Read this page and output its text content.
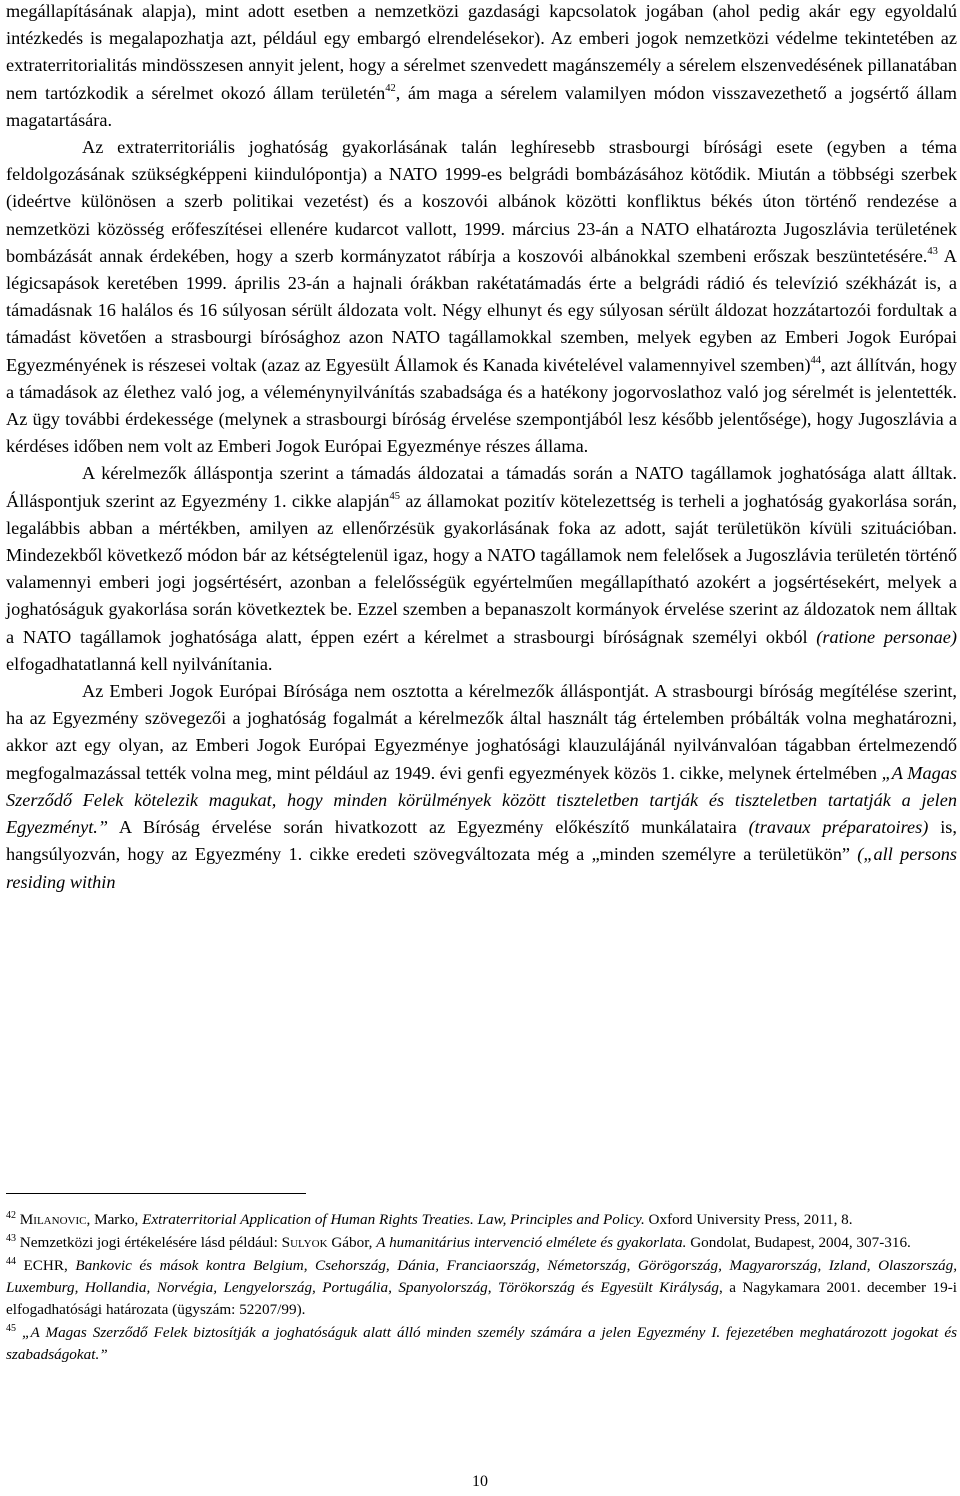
megállapításának alapja), mint adott esetben a nemzetközi gazdasági kapcsolatok jogában (ahol pedig akár egy egyoldalú intézkedés is megalapozhatja azt, például egy embargó elrendelésekor). Az emberi jogok nemzetközi védelme tekintetében az extraterritorialitás mindösszesen annyit jelent, hogy a sérelmet szenvedett magánszemély a sérelem elszenvedésének pillanatában nem tartózkodik a sérelmet okozó állam területén$^{42}$, ám maga a sérelem valamilyen módon visszavezethető a jogsértő állam magatartására.

Az extraterritoriális joghatóság gyakorlásának talán leghíresebb strasbourgi bírósági esete (egyben a téma feldolgozásának szükségképpeni kiindulópontja) a NATO 1999-es belgrádi bombázásához kötődik. Miután a többségi szerbek (ideértve különösen a szerb politikai vezetést) és a koszovói albánok közötti konfliktus békés úton történő rendezése a nemzetközi közösség erőfeszítései ellenére kudarcot vallott, 1999. március 23-án a NATO elhatározta Jugoszlávia területének bombázását annak érdekében, hogy a szerb kormányzatot rábírja a koszovói albánokkal szembeni erőszak beszüntetésére.$^{43}$ A légicsapások keretében 1999. április 23-án a hajnali órákban rakétatámadás érte a belgrádi rádió és televízió székházát is, a támadásnak 16 halálos és 16 súlyosan sérült áldozata volt. Négy elhunyt és egy súlyosan sérült áldozat hozzátartozói fordultak a támadást követően a strasbourgi bírósághoz azon NATO tagállamokkal szemben, melyek egyben az Emberi Jogok Európai Egyezményének is részesei voltak (azaz az Egyesült Államok és Kanada kivételével valamennyivel szemben)$^{44}$, azt állítván, hogy a támadások az élethez való jog, a véleménynyilvánítás szabadsága és a hatékony jogorvoslathoz való jog sérelmét is jelentették. Az ügy további érdekessége (melynek a strasbourgi bíróság érvelése szempontjából lesz később jelentősége), hogy Jugoszlávia a kérdéses időben nem volt az Emberi Jogok Európai Egyezménye részes állama.

A kérelmezők álláspontja szerint a támadás áldozatai a támadás során a NATO tagállamok joghatósága alatt álltak. Álláspontjuk szerint az Egyezmény 1. cikke alapján$^{45}$ az államokat pozitív kötelezettség is terheli a joghatóság gyakorlása során, legalábbis abban a mértékben, amilyen az ellenőrzésük gyakorlásának foka az adott, saját területükön kívüli szituációban. Mindezekből következő módon bár az kétségtelenül igaz, hogy a NATO tagállamok nem felelősek a Jugoszlávia területén történő valamennyi emberi jogi jogsértésért, azonban a felelősségük egyértelműen megállapítható azokért a jogsértésekért, melyek a joghatóságuk gyakorlása során következtek be. Ezzel szemben a bepanaszolt kormányok érvelése szerint az áldozatok nem álltak a NATO tagállamok joghatósága alatt, éppen ezért a kérelmet a strasbourgi bíróságnak személyi okból (ratione personae) elfogadhatatlanná kell nyilvánítania.

Az Emberi Jogok Európai Bírósága nem osztotta a kérelmezők álláspontját. A strasbourgi bíróság megítélése szerint, ha az Egyezmény szövegezői a joghatóság fogalmát a kérelmezők által használt tág értelemben próbálták volna meghatározni, akkor azt egy olyan, az Emberi Jogok Európai Egyezménye joghatósági klauzulájánál nyilvánvalóan tágabban értelmezendő megfogalmazással tették volna meg, mint például az 1949. évi genfi egyezmények közös 1. cikke, melynek értelmében „A Magas Szerződő Felek kötelezik magukat, hogy minden körülmények között tiszteletben tartják és tiszteletben tartatják a jelen Egyezményt.” A Bíróság érvelése során hivatkozott az Egyezmény előkészítő munkálataira (travaux préparatoires) is, hangsúlyozván, hogy az Egyezmény 1. cikke eredeti szövegváltozata még a „minden személyre a területükön” („all persons residing within

$^{42}$ Milanovic, Marko, Extraterritorial Application of Human Rights Treaties. Law, Principles and Policy. Oxford University Press, 2011, 8.

$^{43}$ Nemzetközi jogi értékelésére lásd például: Sulyok Gábor, A humanitárius intervenció elmélete és gyakorlata. Gondolat, Budapest, 2004, 307-316.

$^{44}$ ECHR, Bankovic és mások kontra Belgium, Csehország, Dánia, Franciaország, Németország, Görögország, Magyarország, Izland, Olaszország, Luxemburg, Hollandia, Norvégia, Lengyelország, Portugália, Spanyolország, Törökország és Egyesült Királyság, a Nagykamara 2001. december 19-i elfogadhatósági határozata (ügyszám: 52207/99).

$^{45}$ „A Magas Szerződő Felek biztosítják a joghatóságuk alatt álló minden személy számára a jelen Egyezmény I. fejezetében meghatározott jogokat és szabadságokat.”

10
